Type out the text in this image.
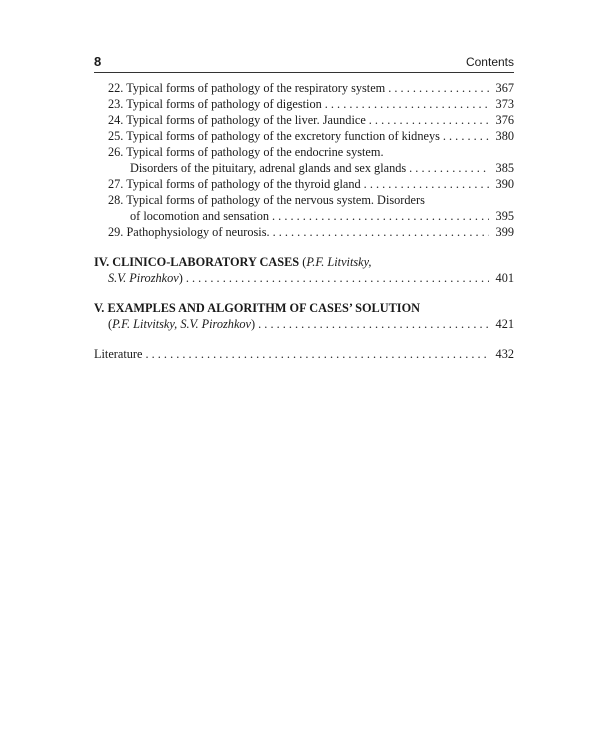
8	Contents
22. Typical forms of pathology of the respiratory system . . .	367
23. Typical forms of pathology of digestion . . .	373
24. Typical forms of pathology of the liver. Jaundice . . .	376
25. Typical forms of pathology of the excretory function of kidneys . . .	380
26. Typical forms of pathology of the endocrine system.
Disorders of the pituitary, adrenal glands and sex glands . . .	385
27. Typical forms of pathology of the thyroid gland . . .	390
28. Typical forms of pathology of the nervous system. Disorders
of locomotion and sensation . . .	395
29. Pathophysiology of neurosis. . . .	399
IV. CLINICO-LABORATORY CASES (P.F. Litvitsky,
S.V. Pirozhkov) . . .	401
V. EXAMPLES AND ALGORITHM OF CASES’ SOLUTION
(P.F. Litvitsky, S.V. Pirozhkov) . . .	421
Literature . . .	432
